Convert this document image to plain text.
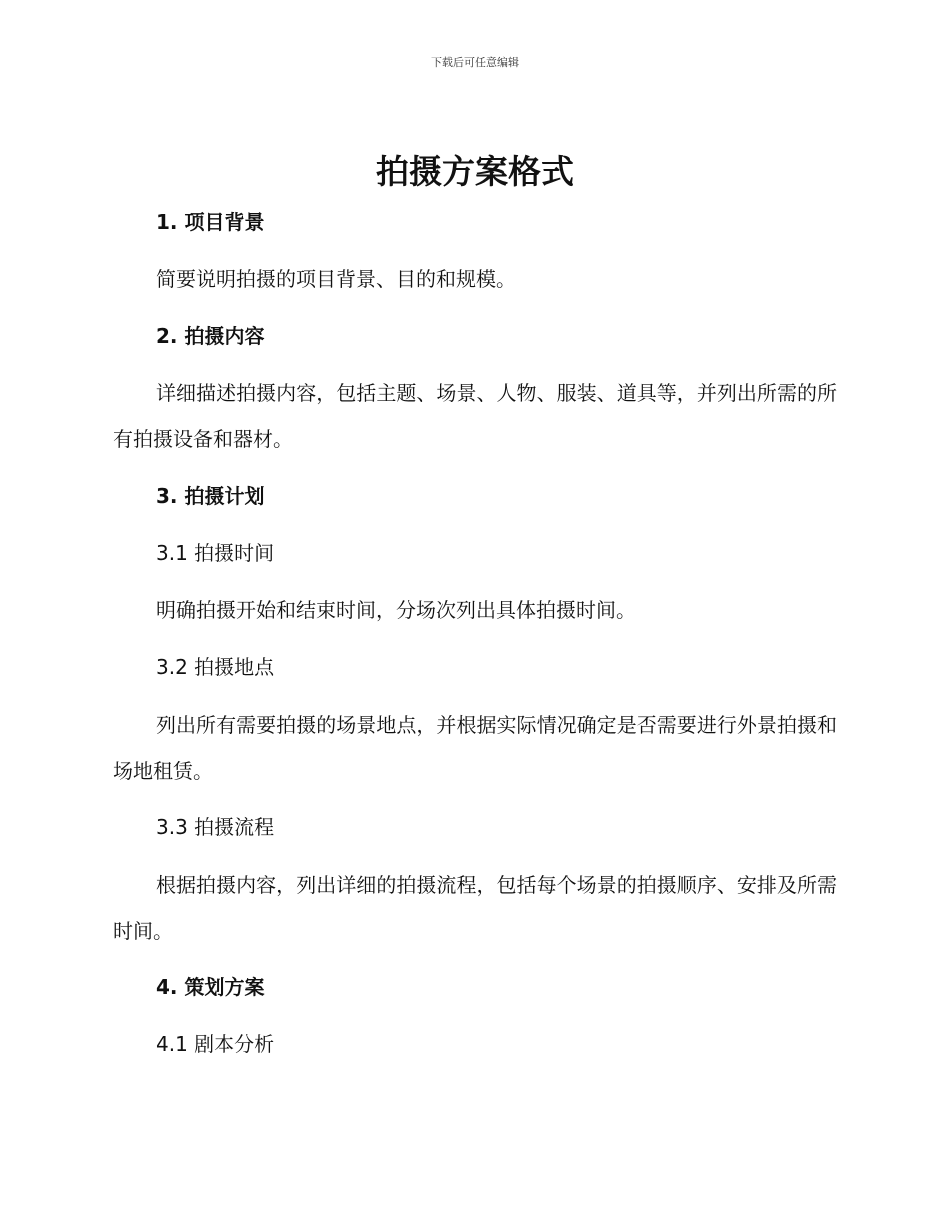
下载后可任意编辑
拍摄方案格式

1. 项目背景

简要说明拍摄的项目背景、目的和规模。

2. 拍摄内容

详细描述拍摄内容，包括主题、场景、人物、服装、道具等，并列出所需的所有拍摄设备和器材。

3. 拍摄计划

3.1 拍摄时间

明确拍摄开始和结束时间，分场次列出具体拍摄时间。

3.2 拍摄地点

列出所有需要拍摄的场景地点，并根据实际情况确定是否需要进行外景拍摄和场地租赁。

3.3 拍摄流程

根据拍摄内容，列出详细的拍摄流程，包括每个场景的拍摄顺序、安排及所需时间。

4. 策划方案

4.1 剧本分析
